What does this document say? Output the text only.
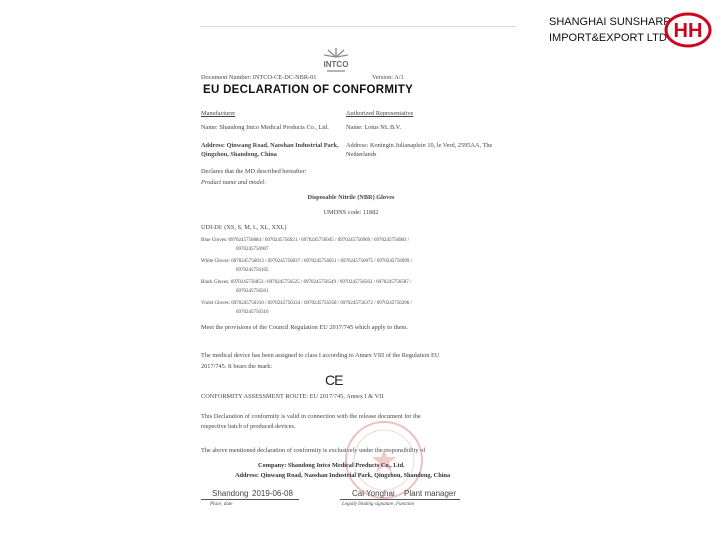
SHANGHAI SUNSHARP
IMPORT&EXPORT LTD HH
INTCO
Document Number: INTCO-CE-DC-NBR-01	Version: A/1
EU DECLARATION OF CONFORMITY
Manufacturer
Name: Shandong Intco Medical Products Co., Ltd.
Address: Qinwang Road, Naoshan Industrial Park, Qingzhou, Shandong, China
Authorized Representative
Name: Lotus NL B.V.
Address: Koningin Julianaplein 10, le Verd, 2595AA, The Netherlands
Declares that the MD described hereafter:
Product name and model:
Disposable Nitrile (NBR) Gloves
UMDNS code: 11882
UDI-DI: (XS, S, M, L, XL, XXL)
Blue Gloves: 6970245756884 / 6970245756921 / 6970245756945 / 6970245756969 / 6970245756983 /
6970245756907
White Gloves: 6970245756013 / 6970245756037 / 6970245756051 / 6970245756075 / 6970245756099 /
6970245756105
Black Gloves: 6970245756853 / 6970245756525 / 6970245756549 / 6970245756563 / 6970245756587 /
6970245756501
Violet Gloves: 6970245756310 / 6970245756334 / 6970245756358 / 6970245756372 / 6970245756396 /
6970245756316
Meet the provisions of the Council Regulation EU 2017/745 which apply to them.
The medical device has been assigned to class I according to Annex VIII of the Regulation EU
2017/745. It bears the mark:
CE
CONFORMITY ASSESSMENT ROUTE: EU 2017/745, Annex I & VII
This Declaration of conformity is valid in connection with the release document for the
respective batch of produced devices.
The above mentioned declaration of conformity is exclusively under the responsibility of
Company: Shandong Intco Medical Products Co., Ltd.
Address: Qinwang Road, Naoshan Industrial Park, Qingzhou, Shandong, China
Shandong 2019-06-08	Cai Yonghai Plant manager
Place, date	Legally binding signature, Function
